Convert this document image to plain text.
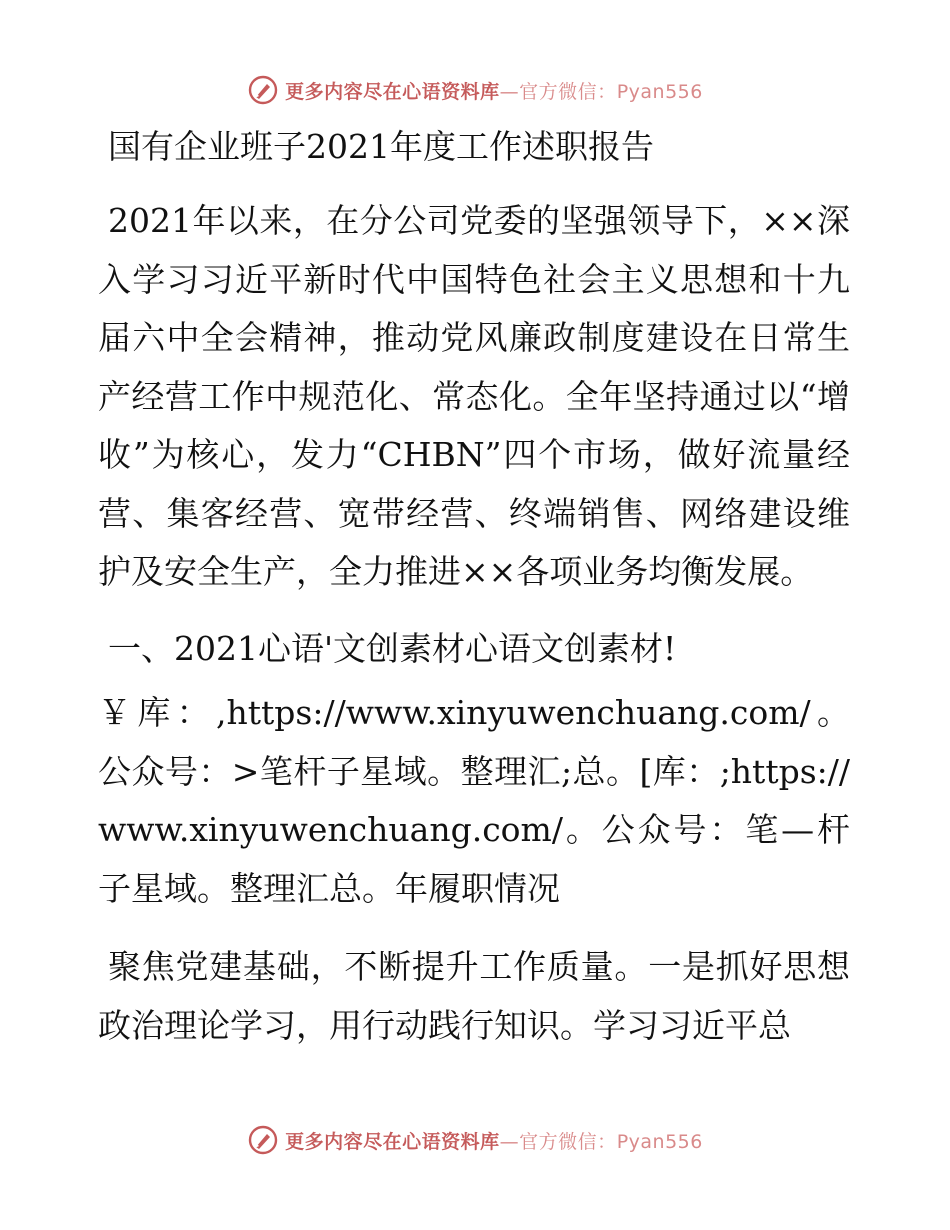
更多内容尽在心语资料库—官方微信：Pyan556
国有企业班子2021年度工作述职报告

2021年以来，在分公司党委的坚强领导下，××深入学习习近平新时代中国特色社会主义思想和十九届六中全会精神，推动党风廉政制度建设在日常生产经营工作中规范化、常态化。全年坚持通过以“增收”为核心，发力“CHBN”四个市场，做好流量经营、集客经营、宽带经营、终端销售、网络建设维护及安全生产，全力推进××各项业务均衡发展。

一、2021心语'文创素材心语文创素材!

￥库：,https://www.xinyuwenchuang.com/。公众号：>笔杆子星域。整理汇;总。[库：;https://www.xinyuwenchuang.com/。公众号：笔—杆子星域。整理汇总。年履职情况

聚焦党建基础，不断提升工作质量。一是抓好思想政治理论学习，用行动践行知识。学习习近平总

更多内容尽在心语资料库—官方微信：Pyan556
